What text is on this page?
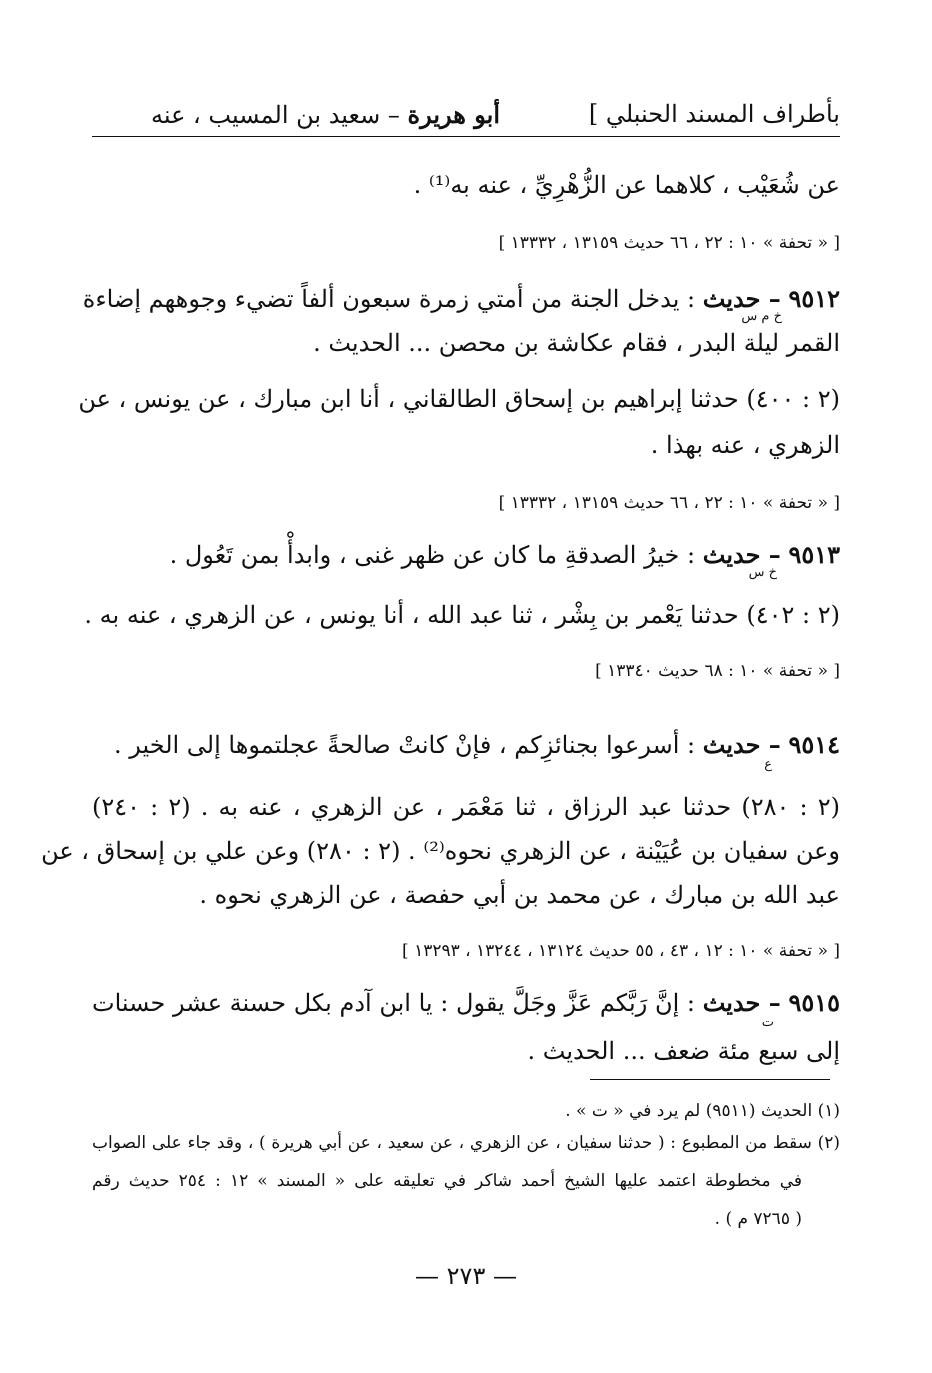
بأطراف المسند الحنبلي ]
أبو هريرة – سعيد بن المسيب ، عنه
عن شُعَيْب ، كلاهما عن الزُّهْرِيِّ ، عنه به⁽¹⁾ .
[ « تحفة » ١٠ : ٢٢ ، ٦٦ حديث ١٣١٥٩ ، ١٣٣٣٢ ]
٩٥١٢ – حديث : يدخل الجنة من أمتي زمرة سبعون ألفاً تضيء وجوههم إضاءة
خ م س
القمر ليلة البدر ، فقام عكاشة بن محصن ... الحديث .
(٢ : ٤٠٠) حدثنا إبراهيم بن إسحاق الطالقاني ، أنا ابن مبارك ، عن يونس ، عن
الزهري ، عنه بهذا .
[ « تحفة » ١٠ : ٢٢ ، ٦٦ حديث ١٣١٥٩ ، ١٣٣٣٢ ]
٩٥١٣ – حديث : خيرُ الصدقةِ ما كان عن ظهر غنى ، وابدأْ بمن تَعُول .
خ س
(٢ : ٤٠٢) حدثنا يَعْمر بن بِشْر ، ثنا عبد الله ، أنا يونس ، عن الزهري ، عنه به .
[ « تحفة » ١٠ : ٦٨ حديث ١٣٣٤٠ ]
٩٥١٤ – حديث : أسرعوا بجنائزِكم ، فإنْ كانتْ صالحةً عجلتموها إلى الخير .
ع
(٢ : ٢٨٠) حدثنا عبد الرزاق ، ثنا مَعْمَر ، عن الزهري ، عنه به . (٢ : ٢٤٠)
وعن سفيان بن عُيَيْنة ، عن الزهري نحوه⁽²⁾ . (٢ : ٢٨٠) وعن علي بن إسحاق ، عن
عبد الله بن مبارك ، عن محمد بن أبي حفصة ، عن الزهري نحوه .
[ « تحفة » ١٠ : ١٢ ، ٤٣ ، ٥٥ حديث ١٣١٢٤ ، ١٣٢٤٤ ، ١٣٢٩٣ ]
٩٥١٥ – حديث : إنَّ رَبَّكم عَزَّ وجَلَّ يقول : يا ابن آدم بكل حسنة عشر حسنات
ت
إلى سبع مئة ضعف ... الحديث .
(١) الحديث (٩٥١١) لم يرد في « ت » .
(٢) سقط من المطبوع : ( حدثنا سفيان ، عن الزهري ، عن سعيد ، عن أبي هريرة ) ، وقد جاء على الصواب
في مخطوطة اعتمد عليها الشيخ أحمد شاكر في تعليقه على « المسند » ١٢ : ٢٥٤ حديث رقم
( ٧٢٦٥ م ) .
— ٢٧٣ —
